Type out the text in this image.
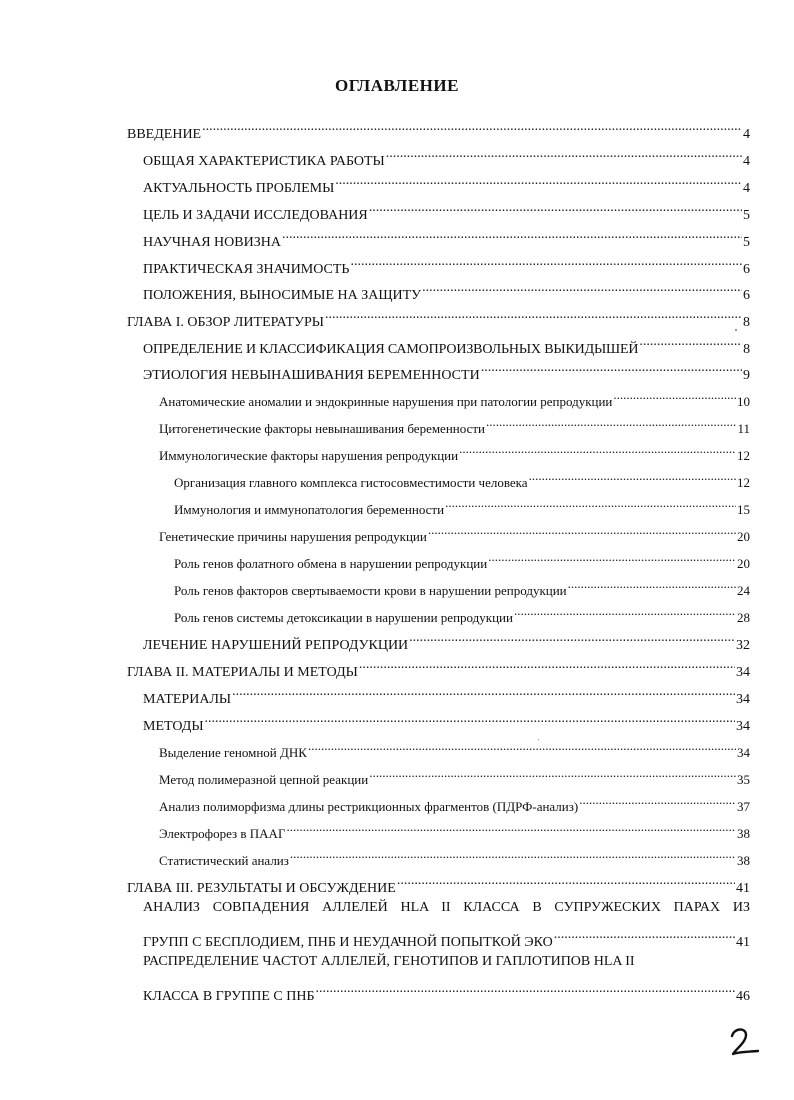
ОГЛАВЛЕНИЕ
ВВЕДЕНИЕ .....	4
ОБЩАЯ ХАРАКТЕРИСТИКА РАБОТЫ .....	4
АКТУАЛЬНОСТЬ ПРОБЛЕМЫ .....	4
ЦЕЛЬ И ЗАДАЧИ ИССЛЕДОВАНИЯ .....	5
НАУЧНАЯ НОВИЗНА .....	5
ПРАКТИЧЕСКАЯ ЗНАЧИМОСТЬ .....	6
ПОЛОЖЕНИЯ, ВЫНОСИМЫЕ НА ЗАЩИТУ .....	6
ГЛАВА I. ОБЗОР ЛИТЕРАТУРЫ .....	8
ОПРЕДЕЛЕНИЕ И КЛАССИФИКАЦИЯ САМОПРОИЗВОЛЬНЫХ ВЫКИДЫШЕЙ .....	8
ЭТИОЛОГИЯ НЕВЫНАШИВАНИЯ БЕРЕМЕННОСТИ .....	9
Анатомические аномалии и эндокринные нарушения при патологии репродукции .....	10
Цитогенетические факторы невынашивания беременности .....	11
Иммунологические факторы нарушения репродукции .....	12
Организация главного комплекса гистосовместимости человека .....	12
Иммунология и иммунопатология беременности .....	15
Генетические причины нарушения репродукции .....	20
Роль генов фолатного обмена в нарушении репродукции .....	20
Роль генов факторов свертываемости крови в нарушении репродукции .....	24
Роль генов системы детоксикации в нарушении репродукции .....	28
ЛЕЧЕНИЕ НАРУШЕНИЙ РЕПРОДУКЦИИ .....	32
ГЛАВА II. МАТЕРИАЛЫ И МЕТОДЫ .....	34
МАТЕРИАЛЫ .....	34
МЕТОДЫ .....	34
Выделение геномной ДНК .....	34
Метод полимеразной цепной реакции .....	35
Анализ полиморфизма длины рестрикционных фрагментов (ПДРФ-анализ) .....	37
Электрофорез в ПААГ .....	38
Статистический анализ .....	38
ГЛАВА III. РЕЗУЛЬТАТЫ И ОБСУЖДЕНИЕ .....	41
АНАЛИЗ СОВПАДЕНИЯ АЛЛЕЛЕЙ HLA II КЛАССА В СУПРУЖЕСКИХ ПАРАХ ИЗ
ГРУПП С БЕСПЛОДИЕМ, ПНБ И НЕУДАЧНОЙ ПОПЫТКОЙ ЭКО .....	41
РАСПРЕДЕЛЕНИЕ ЧАСТОТ АЛЛЕЛЕЙ, ГЕНОТИПОВ И ГАПЛОТИПОВ HLA II
КЛАССА В ГРУППЕ С ПНБ .....	46
